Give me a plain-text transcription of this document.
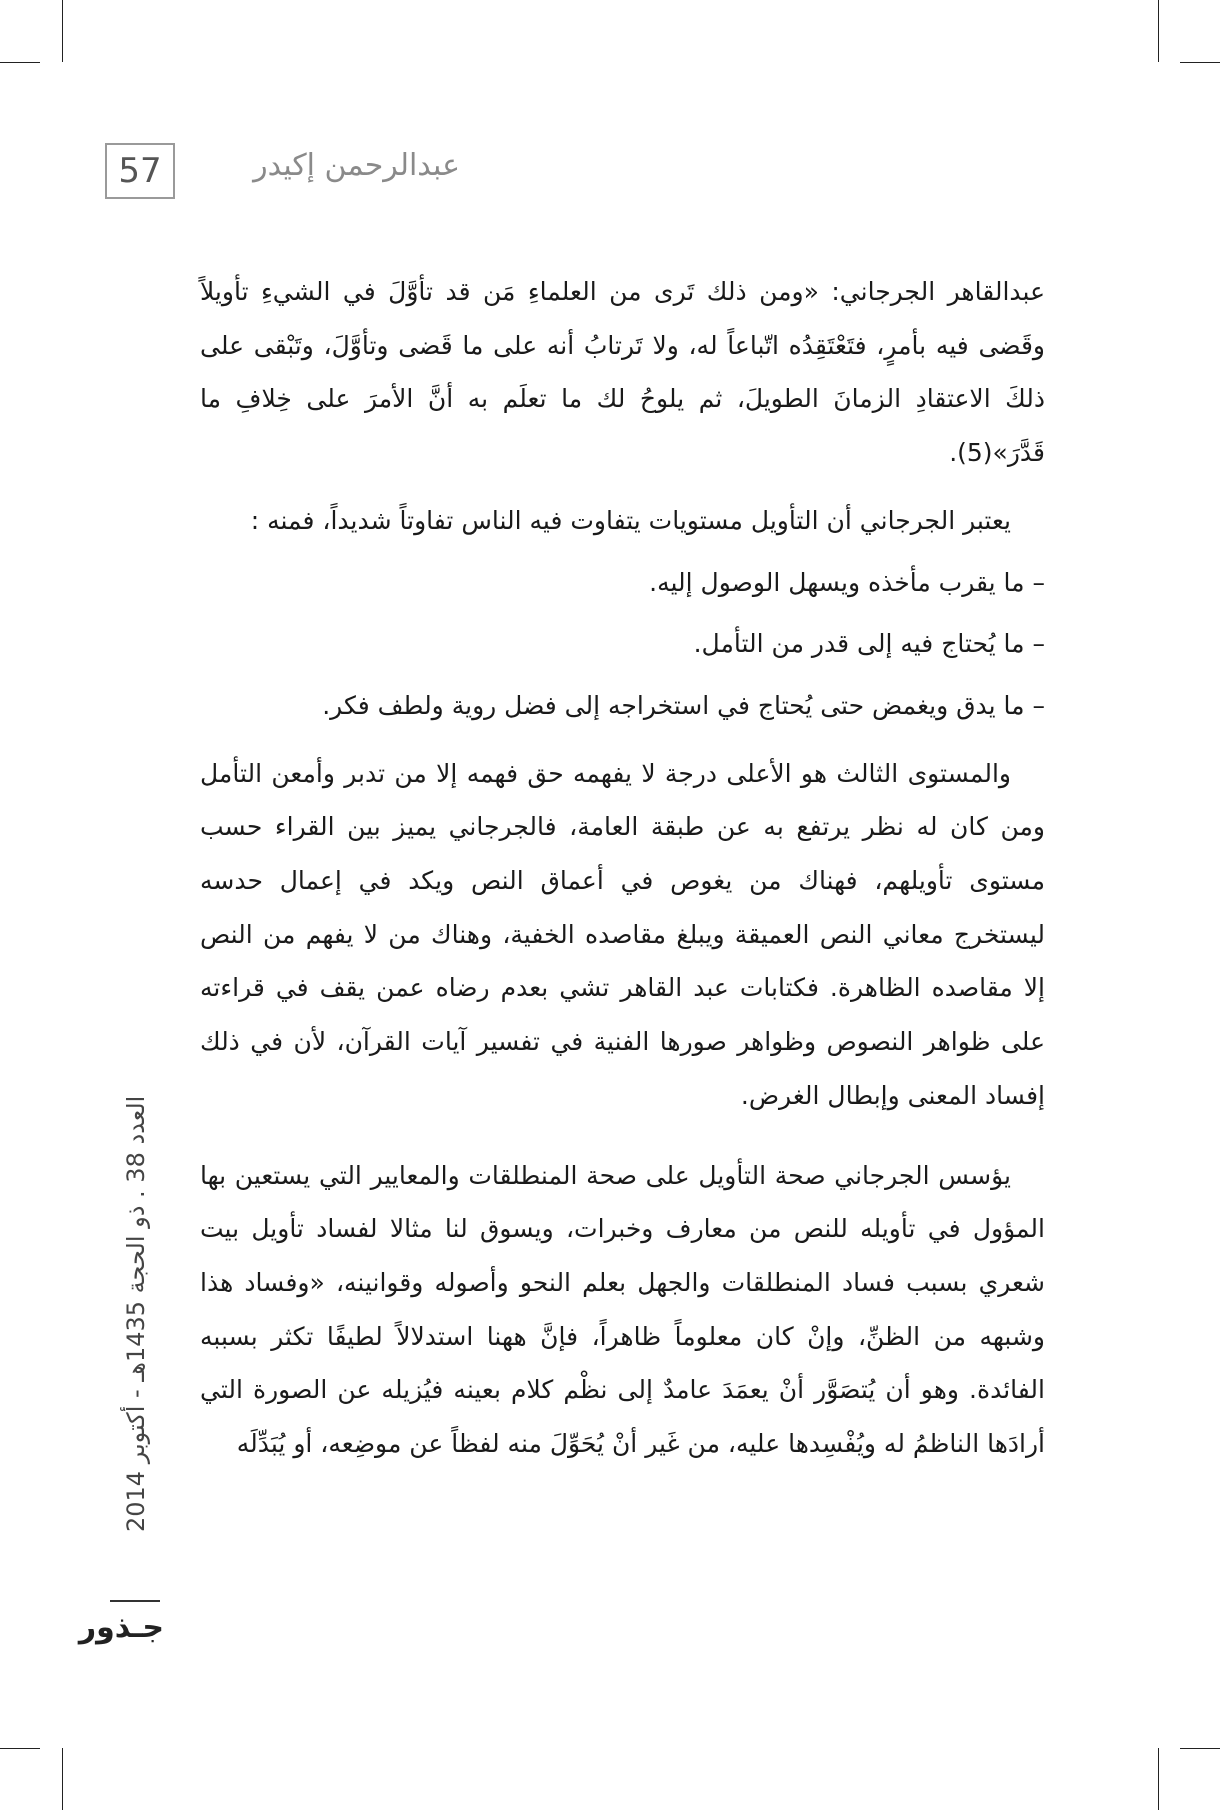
57	عبدالرحمن إكيدر
العدد 38 . ذو الحجة 1435هـ - أكتوبر 2014
جـذور

عبدالقاهر الجرجاني: «ومن ذلك تَرى من العلماءِ مَن قد تأوَّلَ في الشيءِ تأويلاً وقَضى فيه بأمرٍ، فتَعْتَقِدُه اتّباعاً له، ولا تَرتابُ أنه على ما قَضى وتأوَّلَ، وتَبْقى على ذلكَ الاعتقادِ الزمانَ الطويلَ، ثم يلوحُ لك ما تعلَم به أنَّ الأمرَ على خِلافِ ما قَدَّرَ»(5).

يعتبر الجرجاني أن التأويل مستويات يتفاوت فيه الناس تفاوتاً شديداً، فمنه :

– ما يقرب مأخذه ويسهل الوصول إليه.

– ما يُحتاج فيه إلى قدر من التأمل.

– ما يدق ويغمض حتى يُحتاج في استخراجه إلى فضل روية ولطف فكر.

والمستوى الثالث هو الأعلى درجة لا يفهمه حق فهمه إلا من تدبر وأمعن التأمل ومن كان له نظر يرتفع به عن طبقة العامة، فالجرجاني يميز بين القراء حسب مستوى تأويلهم، فهناك من يغوص في أعماق النص ويكد في إعمال حدسه ليستخرج معاني النص العميقة ويبلغ مقاصده الخفية، وهناك من لا يفهم من النص إلا مقاصده الظاهرة. فكتابات عبد القاهر تشي بعدم رضاه عمن يقف في قراءته على ظواهر النصوص وظواهر صورها الفنية في تفسير آيات القرآن، لأن في ذلك إفساد المعنى وإبطال الغرض.

يؤسس الجرجاني صحة التأويل على صحة المنطلقات والمعايير التي يستعين بها المؤول في تأويله للنص من معارف وخبرات، ويسوق لنا مثالا لفساد تأويل بيت شعري بسبب فساد المنطلقات والجهل بعلم النحو وأصوله وقوانينه، «وفساد هذا وشبهه من الظنِّ، وإنْ كان معلوماً ظاهراً، فإنَّ ههنا استدلالاً لطيفًا تكثر بسببه الفائدة. وهو أن يُتصَوَّر أنْ يعمَدَ عامدٌ إلى نظْم كلام بعينه فيُزيله عن الصورة التي أرادَها الناظمُ له ويُفْسِدها عليه، من غَير أنْ يُحَوِّلَ منه لفظاً عن موضِعه، أو يُبَدِّلَه
